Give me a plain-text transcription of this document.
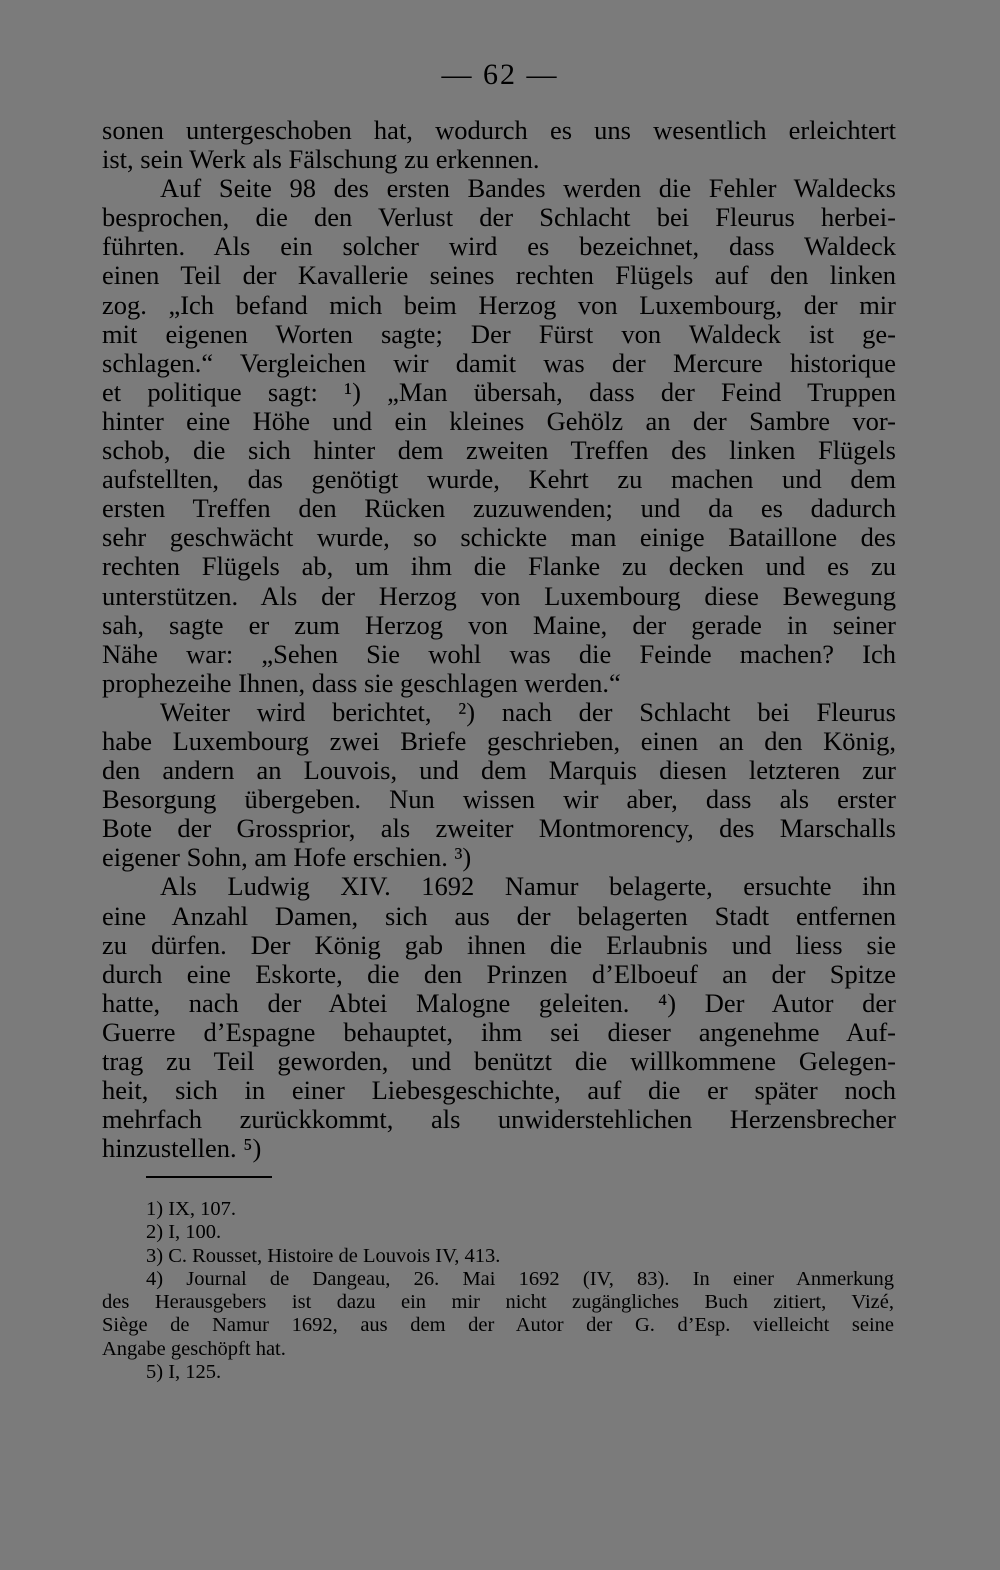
— 62 —
sonen untergeschoben hat, wodurch es uns wesentlich erleichtert
ist, sein Werk als Fälschung zu erkennen.
Auf Seite 98 des ersten Bandes werden die Fehler Waldecks
besprochen, die den Verlust der Schlacht bei Fleurus herbei-
führten. Als ein solcher wird es bezeichnet, dass Waldeck
einen Teil der Kavallerie seines rechten Flügels auf den linken
zog. „Ich befand mich beim Herzog von Luxembourg, der mir
mit eigenen Worten sagte; Der Fürst von Waldeck ist ge-
schlagen.“ Vergleichen wir damit was der Mercure historique
et politique sagt: ¹) „Man übersah, dass der Feind Truppen
hinter eine Höhe und ein kleines Gehölz an der Sambre vor-
schob, die sich hinter dem zweiten Treffen des linken Flügels
aufstellten, das genötigt wurde, Kehrt zu machen und dem
ersten Treffen den Rücken zuzuwenden; und da es dadurch
sehr geschwächt wurde, so schickte man einige Bataillone des
rechten Flügels ab, um ihm die Flanke zu decken und es zu
unterstützen. Als der Herzog von Luxembourg diese Bewegung
sah, sagte er zum Herzog von Maine, der gerade in seiner
Nähe war: „Sehen Sie wohl was die Feinde machen? Ich
prophezeihe Ihnen, dass sie geschlagen werden.“
Weiter wird berichtet, ²) nach der Schlacht bei Fleurus
habe Luxembourg zwei Briefe geschrieben, einen an den König,
den andern an Louvois, und dem Marquis diesen letzteren zur
Besorgung übergeben. Nun wissen wir aber, dass als erster
Bote der Grossprior, als zweiter Montmorency, des Marschalls
eigener Sohn, am Hofe erschien. ³)
Als Ludwig XIV. 1692 Namur belagerte, ersuchte ihn
eine Anzahl Damen, sich aus der belagerten Stadt entfernen
zu dürfen. Der König gab ihnen die Erlaubnis und liess sie
durch eine Eskorte, die den Prinzen d’Elboeuf an der Spitze
hatte, nach der Abtei Malogne geleiten. ⁴) Der Autor der
Guerre d’Espagne behauptet, ihm sei dieser angenehme Auf-
trag zu Teil geworden, und benützt die willkommene Gelegen-
heit, sich in einer Liebesgeschichte, auf die er später noch
mehrfach zurückkommt, als unwiderstehlichen Herzensbrecher
hinzustellen. ⁵)
1) IX, 107.
2) I, 100.
3) C. Rousset, Histoire de Louvois IV, 413.
4) Journal de Dangeau, 26. Mai 1692 (IV, 83). In einer Anmerkung
des Herausgebers ist dazu ein mir nicht zugängliches Buch zitiert, Vizé,
Siège de Namur 1692, aus dem der Autor der G. d’Esp. vielleicht seine
Angabe geschöpft hat.
5) I, 125.
